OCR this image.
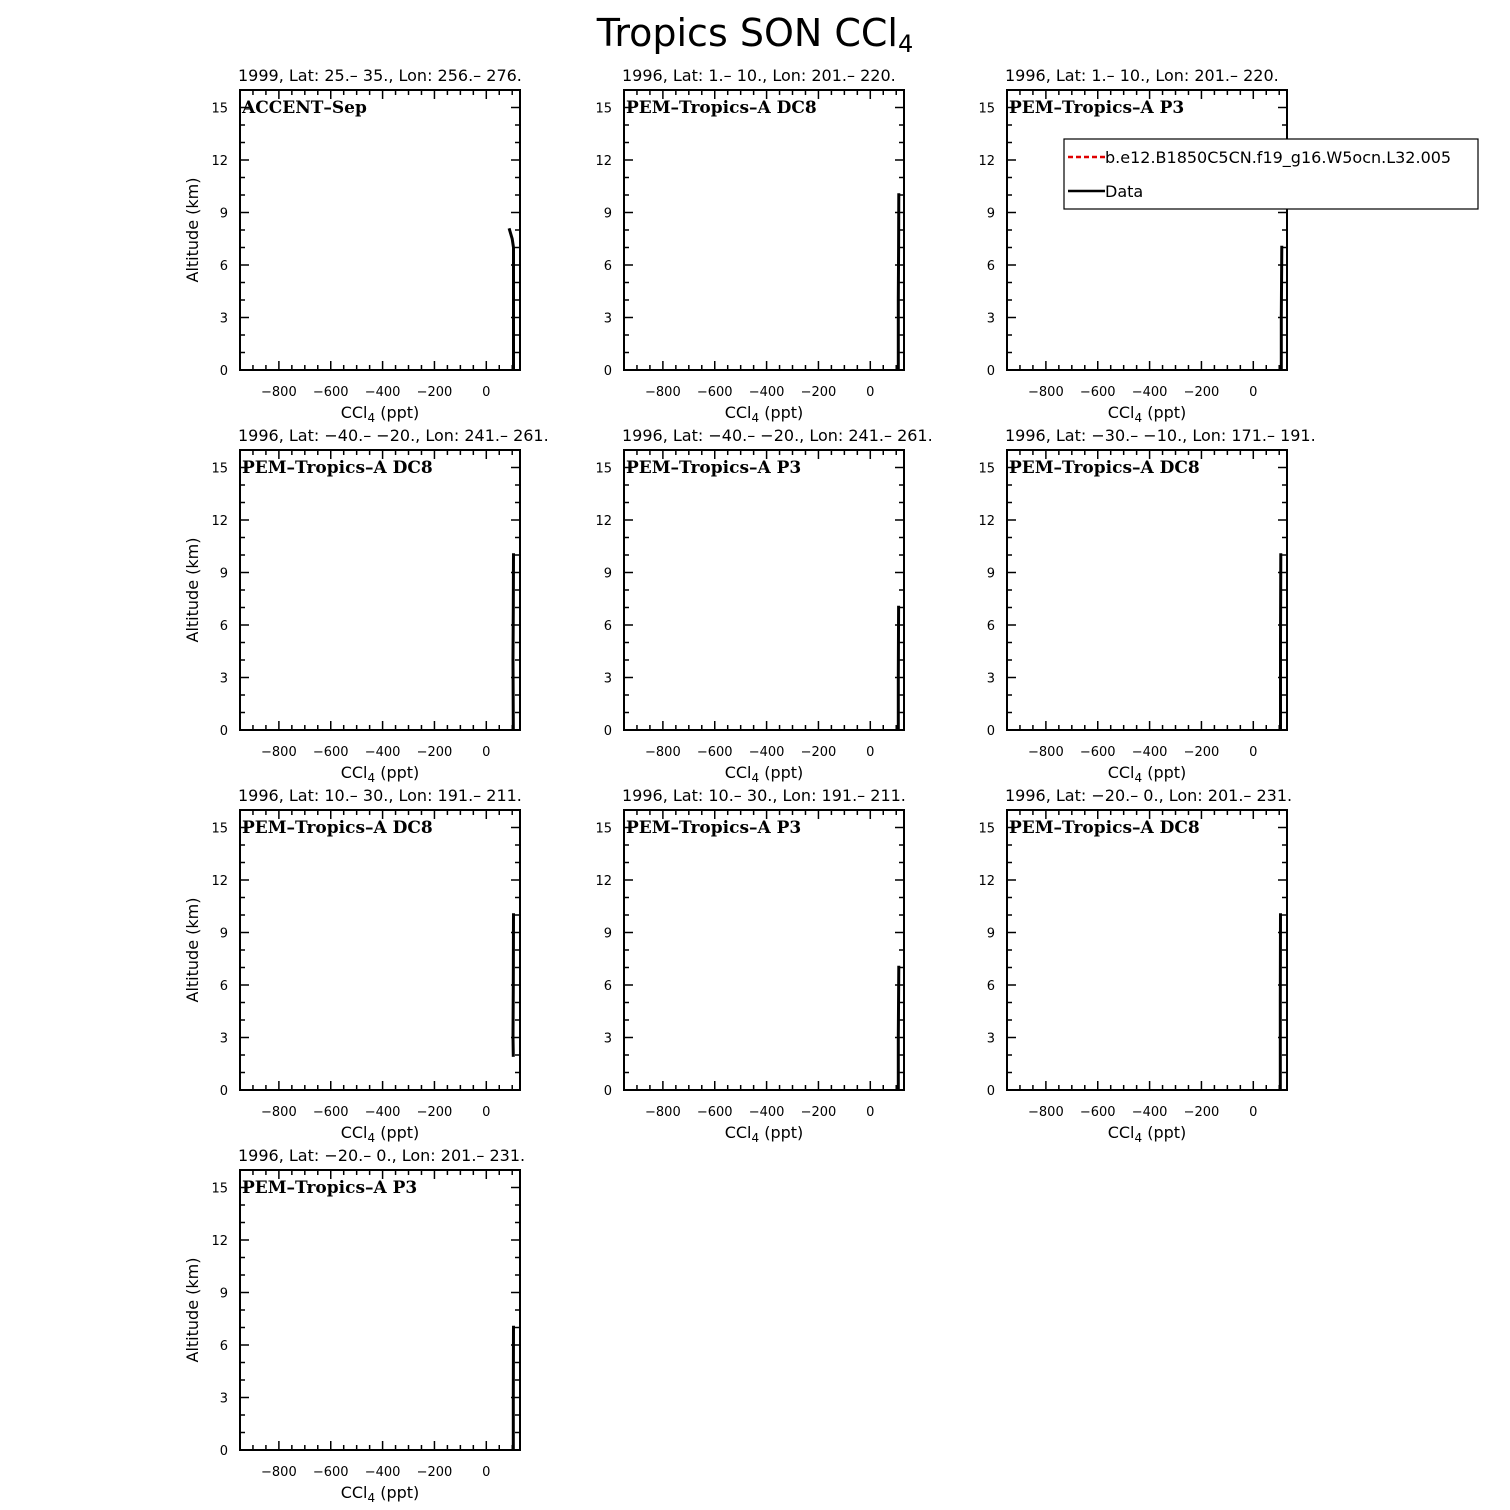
Tropics SON CCl4
−800 −600 −400 −200 0
0
3
6
9
12
15
1999, Lat: 25.– 35., Lon: 256.– 276.
ACCENT–Sep
CCl$_4$ (ppt)
Altitude (km)
−800 −600 −400 −200 0
0
3
6
9
12
15
1996, Lat: 1.– 10., Lon: 201.– 220.
PEM–Tropics–A DC8
CCl$_4$ (ppt)
−800 −600 −400 −200 0
0
3
6
9
12
15
1996, Lat: 1.– 10., Lon: 201.– 220.
PEM–Tropics–A P3
CCl$_4$ (ppt)
−800 −600 −400 −200 0
0
3
6
9
12
15
1996, Lat: −40.– −20., Lon: 241.– 261.
PEM–Tropics–A DC8
CCl$_4$ (ppt)
Altitude (km)
−800 −600 −400 −200 0
0
3
6
9
12
15
1996, Lat: −40.– −20., Lon: 241.– 261.
PEM–Tropics–A P3
CCl$_4$ (ppt)
−800 −600 −400 −200 0
0
3
6
9
12
15
1996, Lat: −30.– −10., Lon: 171.– 191.
PEM–Tropics–A DC8
CCl$_4$ (ppt)
−800 −600 −400 −200 0
0
3
6
9
12
15
1996, Lat: 10.– 30., Lon: 191.– 211.
PEM–Tropics–A DC8
CCl$_4$ (ppt)
Altitude (km)
−800 −600 −400 −200 0
0
3
6
9
12
15
1996, Lat: 10.– 30., Lon: 191.– 211.
PEM–Tropics–A P3
CCl$_4$ (ppt)
−800 −600 −400 −200 0
0
3
6
9
12
15
1996, Lat: −20.– 0., Lon: 201.– 231.
PEM–Tropics–A DC8
CCl$_4$ (ppt)
−800 −600 −400 −200 0
0
3
6
9
12
15
1996, Lat: −20.– 0., Lon: 201.– 231.
PEM–Tropics–A P3
CCl$_4$ (ppt)
Altitude (km)
b.e12.B1850C5CN.f19_g16.W5ocn.L32.005
Data
